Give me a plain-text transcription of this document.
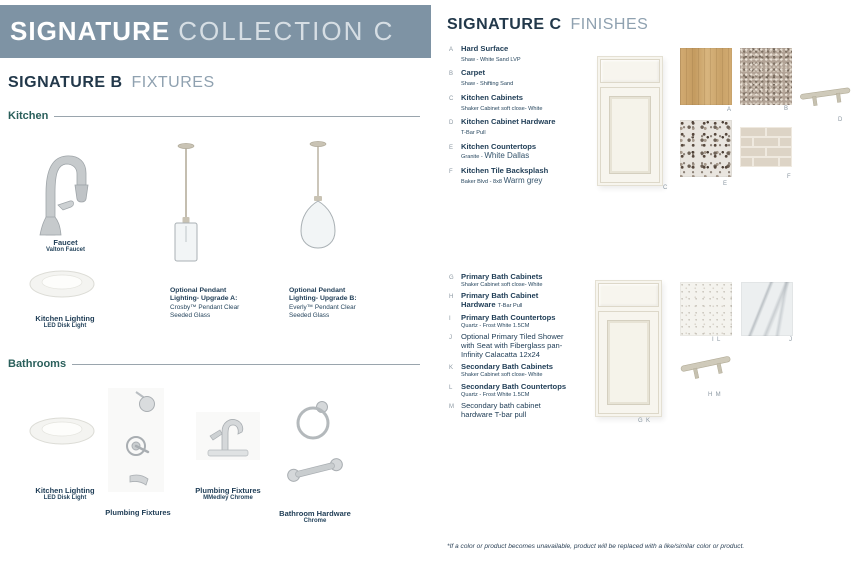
SIGNATURE COLLECTION C
SIGNATURE B FIXTURES
Kitchen
Faucet
Valton Faucet
Kitchen Lighting
LED Disk Light
Optional Pendant Lighting- Upgrade A:
Crosby™ Pendant Clear Seeded Glass
Optional Pendant Lighting- Upgrade B:
Everly™ Pendant Clear Seeded Glass
Bathrooms
Kitchen Lighting
LED Disk Light
Plumbing Fixtures
Plumbing Fixtures
MMedley Chrome
Bathroom Hardware
Chrome
SIGNATURE C FINISHES
A Hard Surface
Shaw - White Sand LVP
B Carpet
Shaw - Shifting Sand
C Kitchen Cabinets
Shaker Cabinet soft close- White
D Kitchen Cabinet Hardware
T-Bar Pull
E Kitchen Countertops
Granite - White Dallas
F Kitchen Tile Backsplash
Baker Blvd - 8x8 Warm grey
G Primary Bath Cabinets
Shaker Cabinet soft close- White
H Primary Bath Cabinet Hardware T-Bar Pull
I Primary Bath Countertops
Quartz - Frost White 1.5CM
J Optional Primary Tiled Shower with Seat with Fiberglass pan- Infinity Calacatta 12x24
K Secondary Bath Cabinets
Shaker Cabinet soft close- White
L Secondary Bath Countertops
Quartz - Frost White 1.5CM
M Secondary bath cabinet hardware T-bar pull
C
A	B
D
E
F
G  K
I  L	J
H  M
*If a color or product becomes unavailable, product will be replaced with a like/similar color or product.
